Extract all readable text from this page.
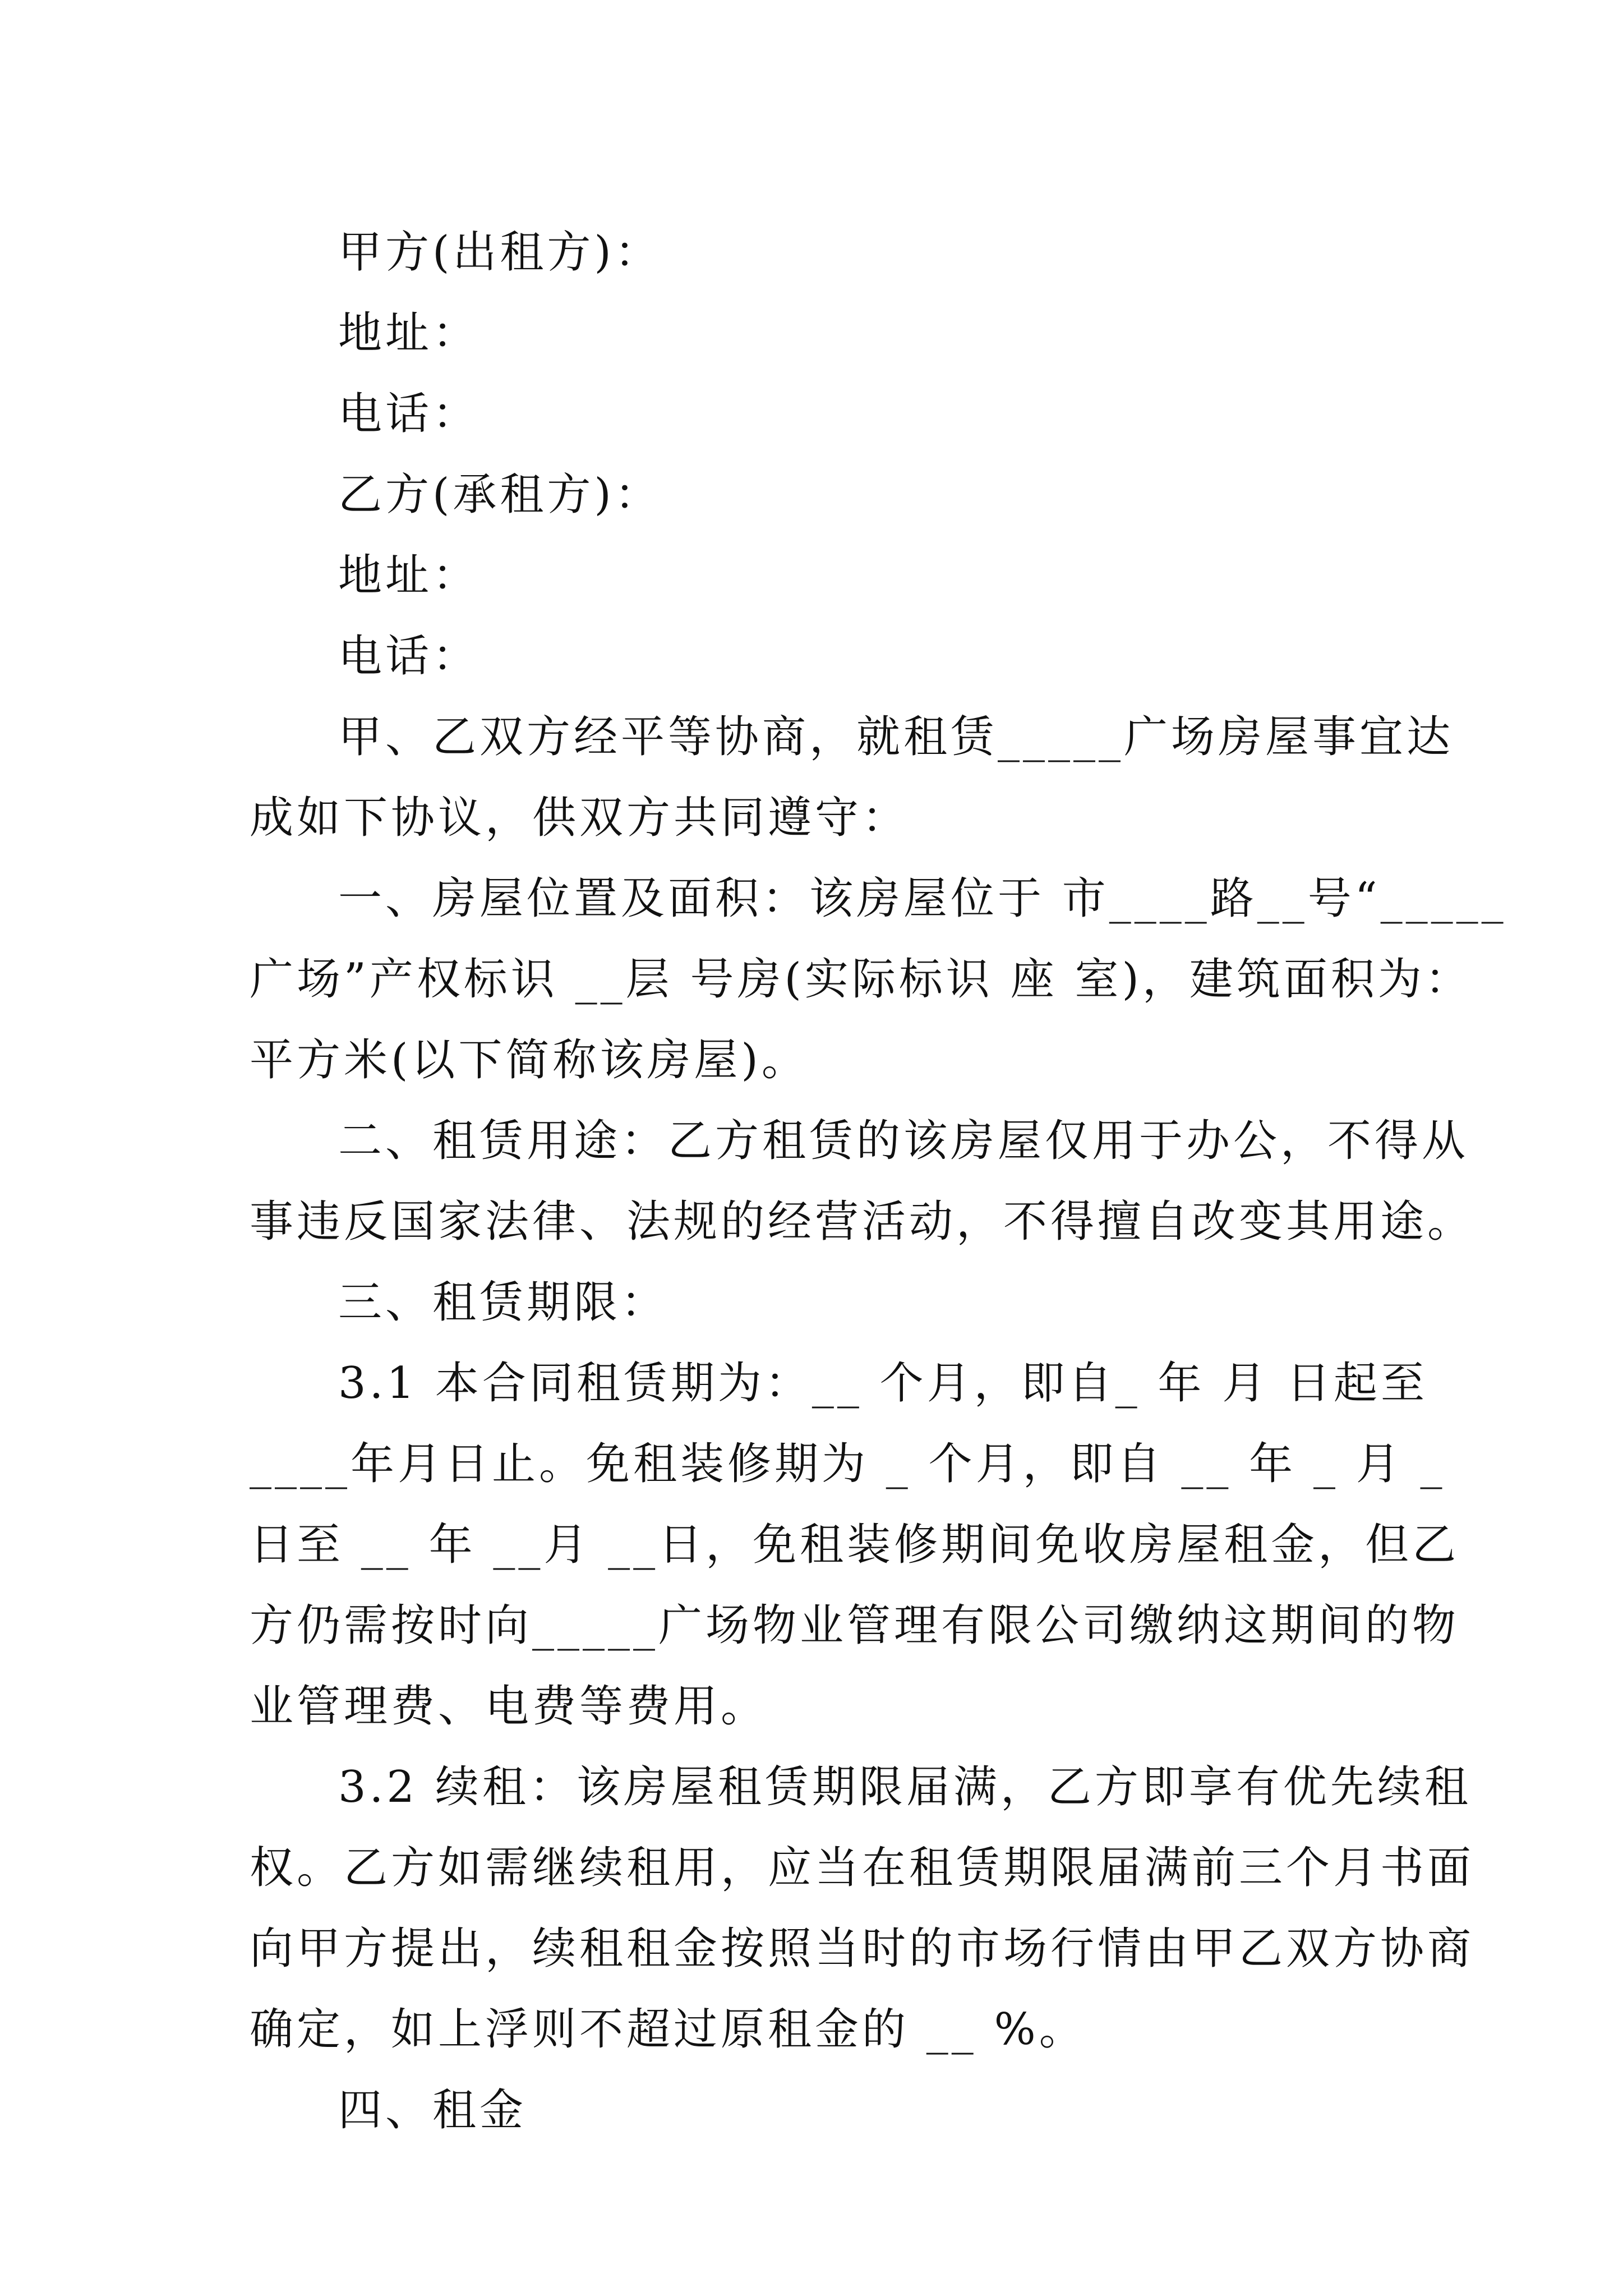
甲方(出租方)：
地址：
电话：
乙方(承租方)：
地址：
电话：
甲、乙双方经平等协商，就租赁_____广场房屋事宜达
成如下协议，供双方共同遵守：
一、房屋位置及面积：该房屋位于 市____路__号“_____
广场”产权标识 __层 号房(实际标识 座 室)，建筑面积为：
平方米(以下简称该房屋)。
二、租赁用途：乙方租赁的该房屋仅用于办公，不得从
事违反国家法律、法规的经营活动，不得擅自改变其用途。
三、租赁期限：
3.1 本合同租赁期为：__ 个月，即自_ 年 月 日起至
____年月日止。免租装修期为 _ 个月，即自 __ 年 _ 月 _
日至 __ 年 __月 __日，免租装修期间免收房屋租金，但乙
方仍需按时向_____广场物业管理有限公司缴纳这期间的物
业管理费、电费等费用。
3.2 续租：该房屋租赁期限届满，乙方即享有优先续租
权。乙方如需继续租用，应当在租赁期限届满前三个月书面
向甲方提出，续租租金按照当时的市场行情由甲乙双方协商
确定，如上浮则不超过原租金的 __ %。
四、租金
